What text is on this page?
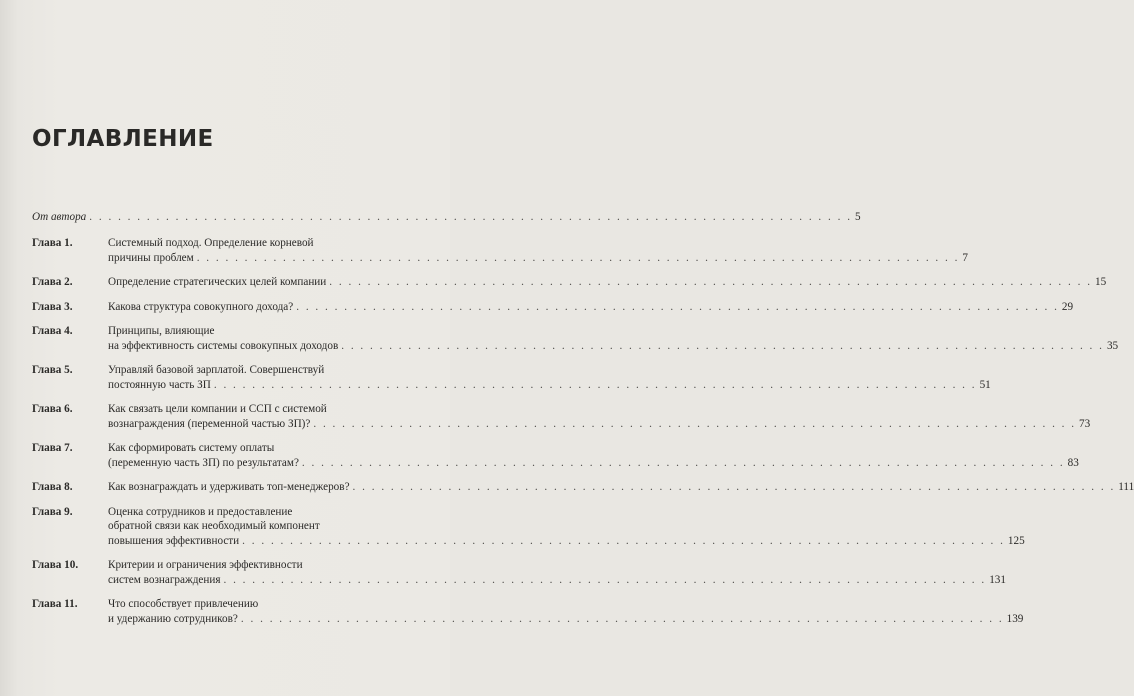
ОГЛАВЛЕНИЕ
От автора . . . . . . . . . . . . . . . . . . . . . . . . . . . . . . . . . . . . . . . . . . . . . . . . . . . . . . . . . . . . . . . . . . . . . . . . . . . . . . . . 5
Глава 1.	Системный подход. Определение корневой
причины проблем . . . . . . . . . . . . . . . . . . . . . . . . . . . . . . . . . . . . . . . . . . . . . . . . . . . . . . . . . . . . . . . . . . . . . . . . . . . . . . . . 7
Глава 2.	Определение стратегических целей компании . . . . . . . . . . . . . . . . . . . . . . . . . . . . . . . . . . . . . . . . . . . . . . . . . . . . . . . . . . . . . . . . . . . . . . . . . . . . . . . . 15
Глава 3.	Какова структура совокупного дохода? . . . . . . . . . . . . . . . . . . . . . . . . . . . . . . . . . . . . . . . . . . . . . . . . . . . . . . . . . . . . . . . . . . . . . . . . . . . . . . . . 29
Глава 4.	Принципы, влияющие
на эффективность системы совокупных доходов . . . . . . . . . . . . . . . . . . . . . . . . . . . . . . . . . . . . . . . . . . . . . . . . . . . . . . . . . . . . . . . . . . . . . . . . . . . . . . . . 35
Глава 5.	Управляй базовой зарплатой. Совершенствуй
постоянную часть ЗП . . . . . . . . . . . . . . . . . . . . . . . . . . . . . . . . . . . . . . . . . . . . . . . . . . . . . . . . . . . . . . . . . . . . . . . . . . . . . . . . 51
Глава 6.	Как связать цели компании и ССП с системой
вознаграждения (переменной частью ЗП)? . . . . . . . . . . . . . . . . . . . . . . . . . . . . . . . . . . . . . . . . . . . . . . . . . . . . . . . . . . . . . . . . . . . . . . . . . . . . . . . . 73
Глава 7.	Как сформировать систему оплаты
(переменную часть ЗП) по результатам? . . . . . . . . . . . . . . . . . . . . . . . . . . . . . . . . . . . . . . . . . . . . . . . . . . . . . . . . . . . . . . . . . . . . . . . . . . . . . . . . 83
Глава 8.	Как вознаграждать и удерживать топ-менеджеров? . . . . . . . . . . . . . . . . . . . . . . . . . . . . . . . . . . . . . . . . . . . . . . . . . . . . . . . . . . . . . . . . . . . . . . . . . . . . . . . . 111
Глава 9.	Оценка сотрудников и предоставление
обратной связи как необходимый компонент
повышения эффективности . . . . . . . . . . . . . . . . . . . . . . . . . . . . . . . . . . . . . . . . . . . . . . . . . . . . . . . . . . . . . . . . . . . . . . . . . . . . . . . . 125
Глава 10.	Критерии и ограничения эффективности
систем вознаграждения . . . . . . . . . . . . . . . . . . . . . . . . . . . . . . . . . . . . . . . . . . . . . . . . . . . . . . . . . . . . . . . . . . . . . . . . . . . . . . . . 131
Глава 11.	Что способствует привлечению
и удержанию сотрудников? . . . . . . . . . . . . . . . . . . . . . . . . . . . . . . . . . . . . . . . . . . . . . . . . . . . . . . . . . . . . . . . . . . . . . . . . . . . . . . . . 139
